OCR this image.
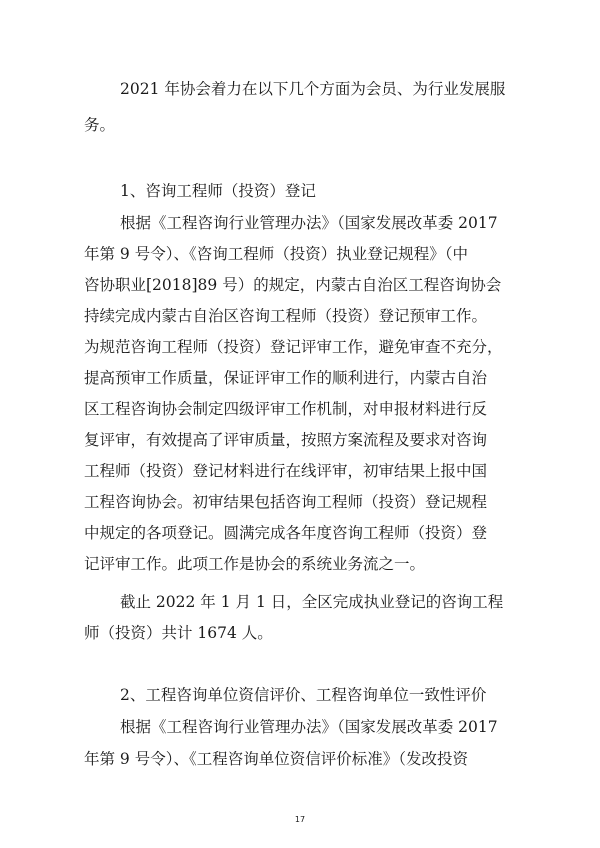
2021 年协会着力在以下几个方面为会员、为行业发展服
务。
1、咨询工程师（投资）登记
根据《工程咨询行业管理办法》（国家发展改革委 2017
年第 9 号令）、《咨询工程师（投资）执业登记规程》（中
咨协职业[2018]89 号）的规定，内蒙古自治区工程咨询协会
持续完成内蒙古自治区咨询工程师（投资）登记预审工作。
为规范咨询工程师（投资）登记评审工作，避免审查不充分，
提高预审工作质量，保证评审工作的顺利进行，内蒙古自治
区工程咨询协会制定四级评审工作机制，对申报材料进行反
复评审，有效提高了评审质量，按照方案流程及要求对咨询
工程师（投资）登记材料进行在线评审，初审结果上报中国
工程咨询协会。初审结果包括咨询工程师（投资）登记规程
中规定的各项登记。圆满完成各年度咨询工程师（投资）登
记评审工作。此项工作是协会的系统业务流之一。
截止 2022 年 1 月 1 日，全区完成执业登记的咨询工程
师（投资）共计 1674 人。
2、工程咨询单位资信评价、工程咨询单位一致性评价
根据《工程咨询行业管理办法》（国家发展改革委 2017
年第 9 号令）、《工程咨询单位资信评价标准》（发改投资
17
